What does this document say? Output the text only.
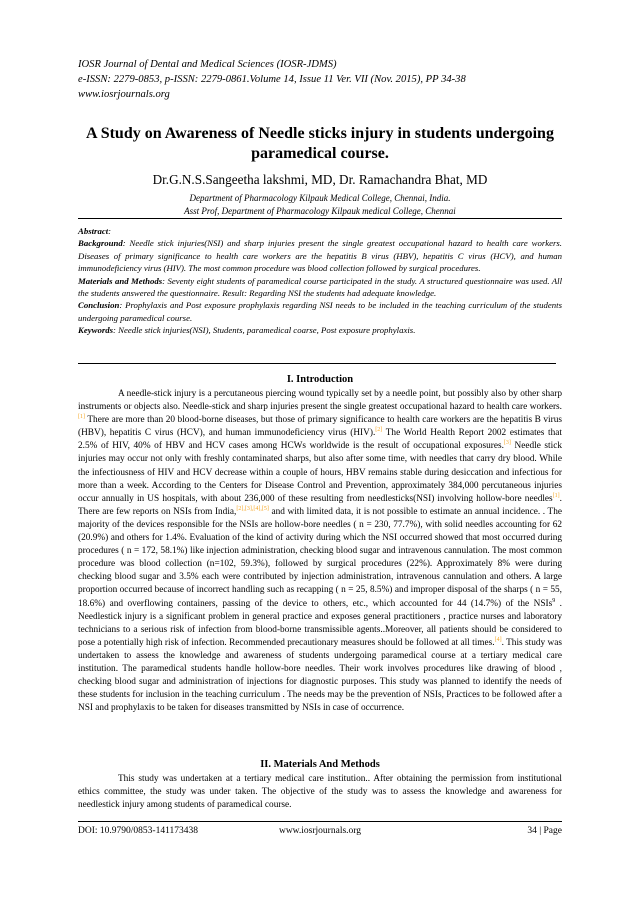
IOSR Journal of Dental and Medical Sciences (IOSR-JDMS)
e-ISSN: 2279-0853, p-ISSN: 2279-0861.Volume 14, Issue 11 Ver. VII (Nov. 2015), PP 34-38
www.iosrjournals.org
A Study on Awareness of Needle sticks injury in students undergoing paramedical course.
Dr.G.N.S.Sangeetha lakshmi, MD, Dr. Ramachandra Bhat, MD
Department of Pharmacology Kilpauk Medical College, Chennai, India.
Asst Prof, Department of Pharmacology Kilpauk medical College, Chennai

Abstract:

Background: Needle stick injuries(NSI) and sharp injuries present the single greatest occupational hazard to health care workers. Diseases of primary significance to health care workers are the hepatitis B virus (HBV), hepatitis C virus (HCV), and human immunodeficiency virus (HIV). The most common procedure was blood collection followed by surgical procedures.

Materials and Methods: Seventy eight students of paramedical course participated in the study. A structured questionnaire was used. All the students answered the questionnaire. Result: Regarding NSI the students had adequate knowledge.

Conclusion: Prophylaxis and Post exposure prophylaxis regarding NSI needs to be included in the teaching curriculum of the students undergoing paramedical course.

Keywords: Needle stick injuries(NSI), Students, paramedical coarse, Post exposure prophylaxis.

I. Introduction

A needle-stick injury is a percutaneous piercing wound typically set by a needle point, but possibly also by other sharp instruments or objects also. Needle-stick and sharp injuries present the single greatest occupational hazard to health care workers.[1] There are more than 20 blood-borne diseases, but those of primary significance to health care workers are the hepatitis B virus (HBV), hepatitis C virus (HCV), and human immunodeficiency virus (HIV).[2] The World Health Report 2002 estimates that 2.5% of HIV, 40% of HBV and HCV cases among HCWs worldwide is the result of occupational exposures.[3] Needle stick injuries may occur not only with freshly contaminated sharps, but also after some time, with needles that carry dry blood. While the infectiousness of HIV and HCV decrease within a couple of hours, HBV remains stable during desiccation and infectious for more than a week. According to the Centers for Disease Control and Prevention, approximately 384,000 percutaneous injuries occur annually in US hospitals, with about 236,000 of these resulting from needlesticks(NSI) involving hollow-bore needles[1]. There are few reports on NSIs from India,[2],[3],[4],[5] and with limited data, it is not possible to estimate an annual incidence. . The majority of the devices responsible for the NSIs are hollow-bore needles ( n = 230, 77.7%), with solid needles accounting for 62 (20.9%) and others for 1.4%. Evaluation of the kind of activity during which the NSI occurred showed that most occurred during procedures ( n = 172, 58.1%) like injection administration, checking blood sugar and intravenous cannulation. The most common procedure was blood collection (n=102, 59.3%), followed by surgical procedures (22%). Approximately 8% were during checking blood sugar and 3.5% each were contributed by injection administration, intravenous cannulation and others. A large proportion occurred because of incorrect handling such as recapping ( n = 25, 8.5%) and improper disposal of the sharps ( n = 55, 18.6%) and overflowing containers, passing of the device to others, etc., which accounted for 44 (14.7%) of the NSIs$^9$ . Needlestick injury is a significant problem in general practice and exposes general practitioners , practice nurses and laboratory technicians to a serious risk of infection from blood-borne transmissible agents..Moreover, all patients should be considered to pose a potentially high risk of infection. Recommended precautionary measures should be followed at all times.[4]. This study was undertaken to assess the knowledge and awareness of students undergoing paramedical course at a tertiary medical care institution. The paramedical students handle hollow-bore needles. Their work involves procedures like drawing of blood , checking blood sugar and administration of injections for diagnostic purposes. This study was planned to identify the needs of these students for inclusion in the teaching curriculum . The needs may be the prevention of NSIs, Practices to be followed after a NSI and prophylaxis to be taken for diseases transmitted by NSIs in case of occurrence.

II. Materials And Methods

This study was undertaken at a tertiary medical care institution.. After obtaining the permission from institutional ethics committee, the study was under taken. The objective of the study was to assess the knowledge and awareness for needlestick injury among students of paramedical course.

DOI: 10.9790/0853-141173438	www.iosrjournals.org	34 | Page
